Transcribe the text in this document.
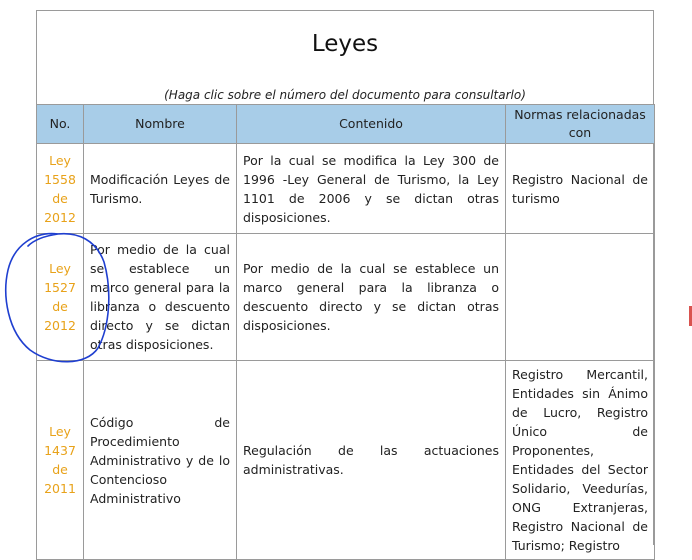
Leyes
(Haga clic sobre el número del documento para consultarlo)
No.	Nombre	Contenido	Normas relacionadas con
Ley 1558 de 2012	Modificación Leyes de Turismo.	Por la cual se modifica la Ley 300 de 1996 -Ley General de Turismo, la Ley 1101 de 2006 y se dictan otras disposiciones.	Registro Nacional de turismo
Ley 1527 de 2012	Por medio de la cual se establece un marco general para la libranza o descuento directo y se dictan otras disposiciones.	Por medio de la cual se establece un marco general para la libranza o descuento directo y se dictan otras disposiciones.	
Ley 1437 de 2011	Código de Procedimiento Administrativo y de lo Contencioso Administrativo	Regulación de las actuaciones administrativas.	Registro Mercantil, Entidades sin Ánimo de Lucro, Registro Único de Proponentes, Entidades del Sector Solidario, Veedurías, ONG Extranjeras, Registro Nacional de Turismo; Registro
